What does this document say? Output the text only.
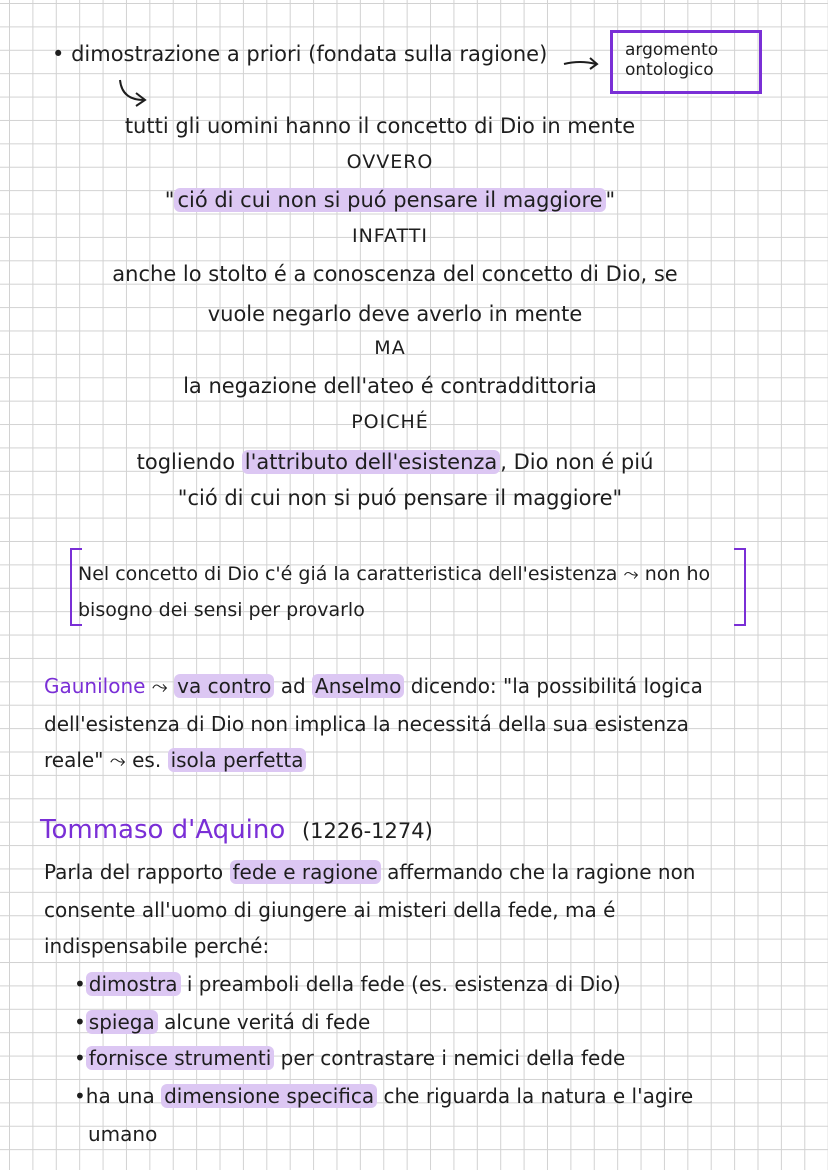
• dimostrazione a priori (fondata sulla ragione)	argomento
ontologico
tutti gli uomini hanno il concetto di Dio in mente
OVVERO
" ció di cui non si puó pensare il maggiore "
INFATTI
anche lo stolto é a conoscenza del concetto di Dio, se
vuole negarlo deve averlo in mente
MA
la negazione dell'ateo é contraddittoria
POICHÉ
togliendo l'attributo dell'esistenza , Dio non é piú
"ció di cui non si puó pensare il maggiore"
Nel concetto di Dio c'é giá la caratteristica dell'esistenza ⤳ non ho
bisogno dei sensi per provarlo
Gaunilone ⤳ va contro ad Anselmo dicendo: "la possibilitá logica
dell'esistenza di Dio non implica la necessitá della sua esistenza
reale" ⤳ es. isola perfetta
Tommaso d'Aquino (1226-1274)
Parla del rapporto fede e ragione affermando che la ragione non
consente all'uomo di giungere ai misteri della fede, ma é
indispensabile perché:
• dimostra i preamboli della fede (es. esistenza di Dio)
• spiega alcune veritá di fede
• fornisce strumenti per contrastare i nemici della fede
•ha una dimensione specifica che riguarda la natura e l'agire
umano
